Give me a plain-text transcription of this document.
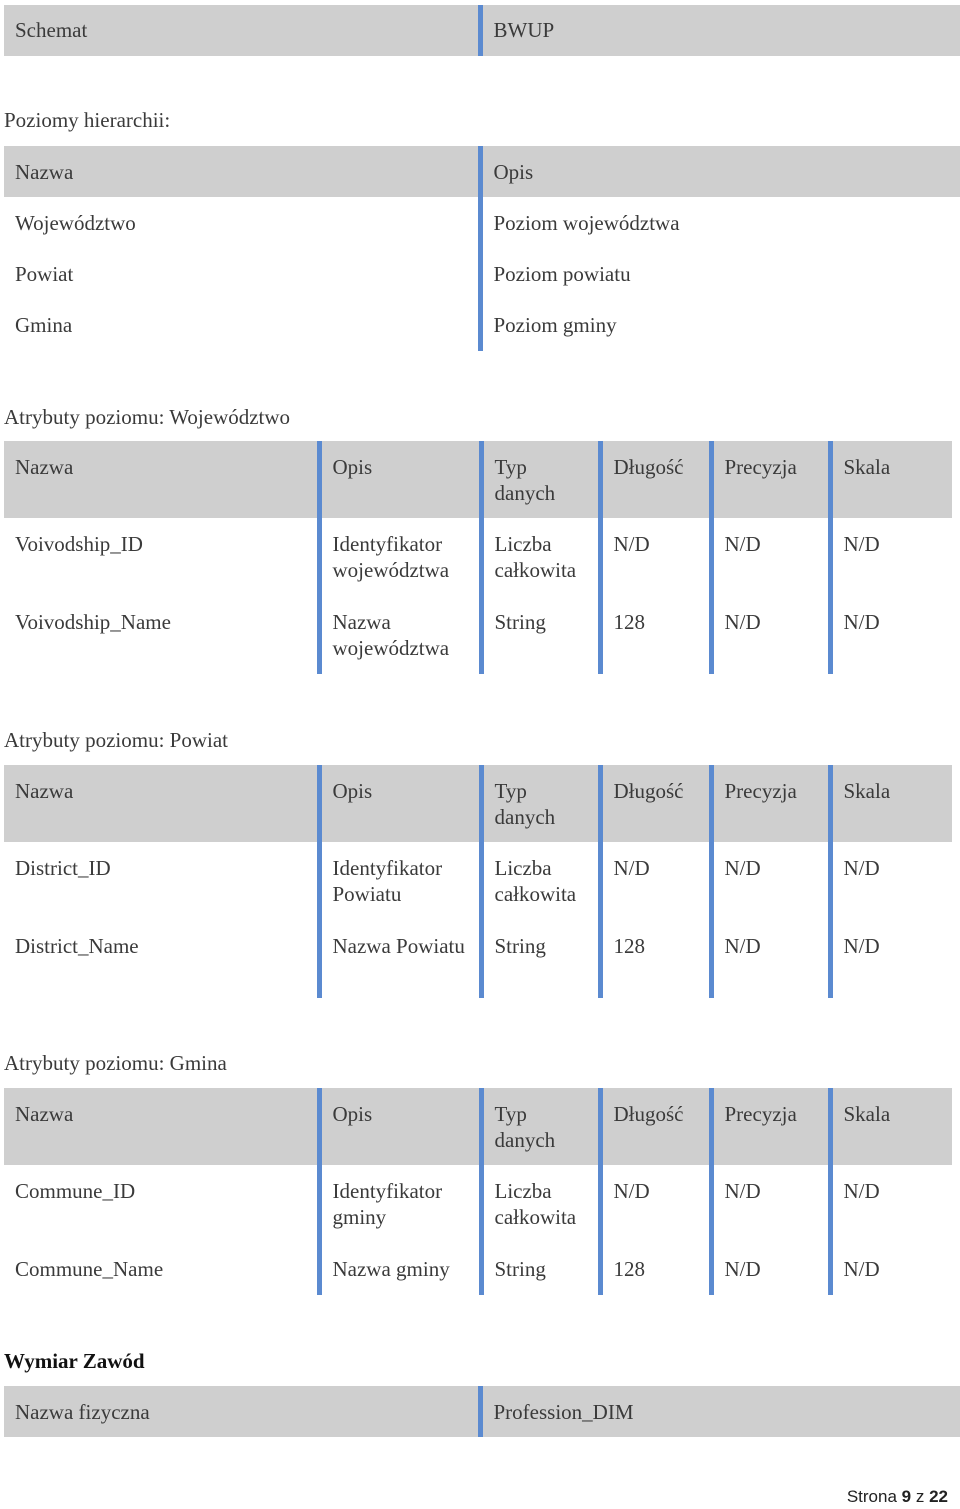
Schemat	BWUP
Poziomy hierarchii:
Nazwa	Opis
Województwo	Poziom województwa
Powiat	Poziom powiatu
Gmina	Poziom gminy
Atrybuty poziomu: Województwo
Nazwa	Opis	Typ danych	Długość	Precyzja	Skala
Voivodship_ID	Identyfikator województwa	Liczba całkowita	N/D	N/D	N/D
Voivodship_Name	Nazwa województwa	String	128	N/D	N/D
Atrybuty poziomu: Powiat
Nazwa	Opis	Typ danych	Długość	Precyzja	Skala
District_ID	Identyfikator Powiatu	Liczba całkowita	N/D	N/D	N/D
District_Name	Nazwa Powiatu	String	128	N/D	N/D
Atrybuty poziomu: Gmina
Nazwa	Opis	Typ danych	Długość	Precyzja	Skala
Commune_ID	Identyfikator gminy	Liczba całkowita	N/D	N/D	N/D
Commune_Name	Nazwa gminy	String	128	N/D	N/D
Wymiar Zawód
Nazwa fizyczna	Profession_DIM
Strona 9 z 22
